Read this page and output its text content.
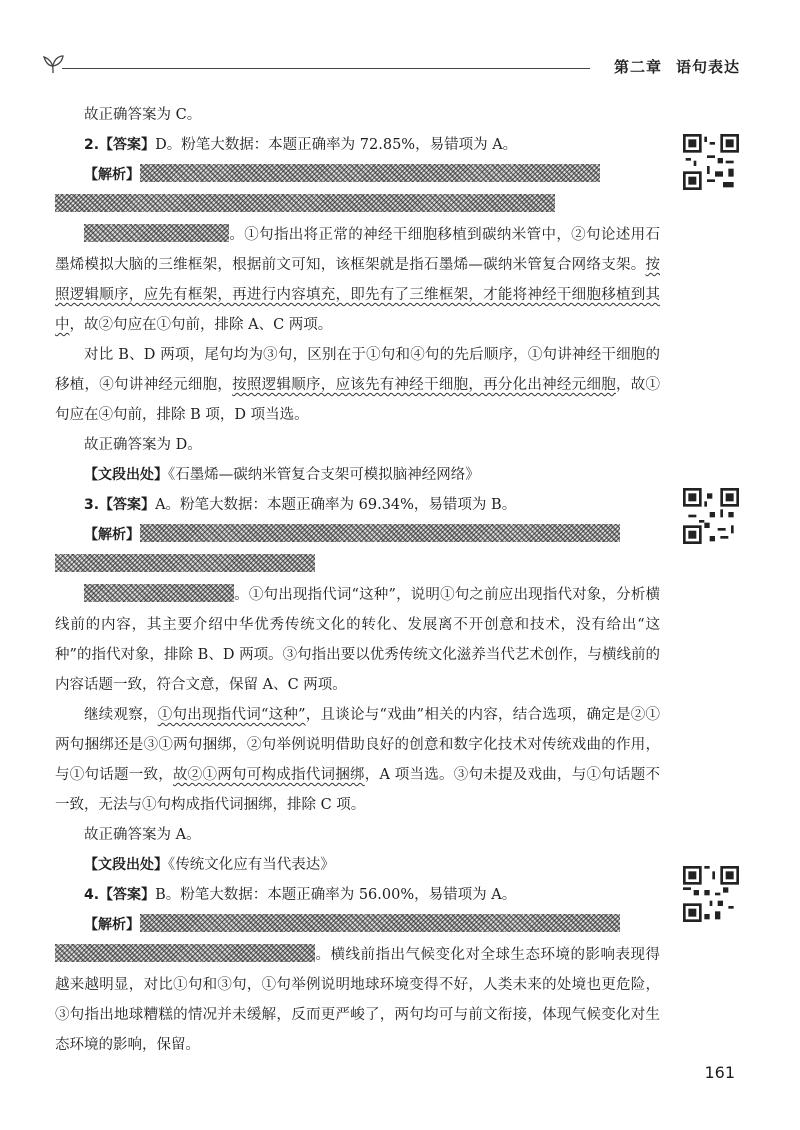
第二章 语句表达

故正确答案为 C。

2.【答案】D。粉笔大数据：本题正确率为 72.85%，易错项为 A。

【解析】

。①句指出将正常的神经干细胞移植到碳纳米管中，②句论述用石墨烯模拟大脑的三维框架，根据前文可知，该框架就是指石墨烯—碳纳米管复合网络支架。按照逻辑顺序，应先有框架，再进行内容填充，即先有了三维框架，才能将神经干细胞移植到其中，故②句应在①句前，排除 A、C 两项。

对比 B、D 两项，尾句均为③句，区别在于①句和④句的先后顺序，①句讲神经干细胞的移植，④句讲神经元细胞，按照逻辑顺序，应该先有神经干细胞，再分化出神经元细胞，故①句应在④句前，排除 B 项，D 项当选。

故正确答案为 D。

【文段出处】《石墨烯—碳纳米管复合支架可模拟脑神经网络》

3.【答案】A。粉笔大数据：本题正确率为 69.34%，易错项为 B。

【解析】

。①句出现指代词“这种”，说明①句之前应出现指代对象，分析横线前的内容，其主要介绍中华优秀传统文化的转化、发展离不开创意和技术，没有给出“这种”的指代对象，排除 B、D 两项。③句指出要以优秀传统文化滋养当代艺术创作，与横线前的内容话题一致，符合文意，保留 A、C 两项。

继续观察，①句出现指代词“这种”，且谈论与“戏曲”相关的内容，结合选项，确定是②①两句捆绑还是③①两句捆绑，②句举例说明借助良好的创意和数字化技术对传统戏曲的作用，与①句话题一致，故②①两句可构成指代词捆绑，A 项当选。③句未提及戏曲，与①句话题不一致，无法与①句构成指代词捆绑，排除 C 项。

故正确答案为 A。

【文段出处】《传统文化应有当代表达》

4.【答案】B。粉笔大数据：本题正确率为 56.00%，易错项为 A。

【解析】

。横线前指出气候变化对全球生态环境的影响表现得越来越明显，对比①句和③句，①句举例说明地球环境变得不好，人类未来的处境也更危险，③句指出地球糟糕的情况并未缓解，反而更严峻了，两句均可与前文衔接，体现气候变化对生态环境的影响，保留。

161
